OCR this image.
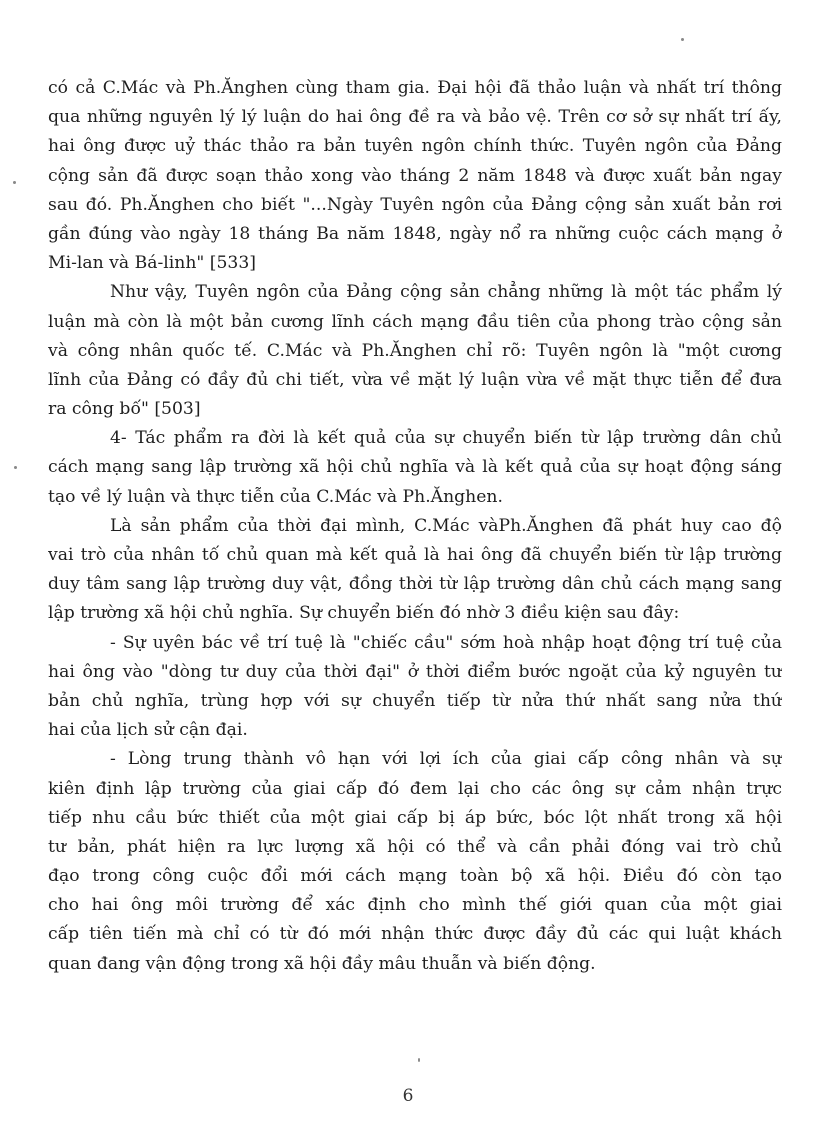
có cả C.Mác và Ph.Ănghen cùng tham gia. Đại hội đã thảo luận và nhất trí thông
qua những nguyên lý lý luận do hai ông đề ra và bảo vệ. Trên cơ sở sự nhất trí ấy,
hai ông được uỷ thác thảo ra bản tuyên ngôn chính thức. Tuyên ngôn của Đảng
cộng sản đã được soạn thảo xong vào tháng 2 năm 1848 và được xuất bản ngay
sau đó. Ph.Ănghen cho biết "...Ngày Tuyên ngôn của Đảng cộng sản xuất bản rơi
gần đúng vào ngày 18 tháng Ba năm 1848, ngày nổ ra những cuộc cách mạng ở
Mi-lan và Bá-linh" [533]
Như vậy, Tuyên ngôn của Đảng cộng sản chẳng những là một tác phẩm lý
luận mà còn là một bản cương lĩnh cách mạng đầu tiên của phong trào cộng sản
và công nhân quốc tế. C.Mác và Ph.Ănghen chỉ rõ: Tuyên ngôn là "một cương
lĩnh của Đảng có đầy đủ chi tiết, vừa về mặt lý luận vừa về mặt thực tiễn để đưa
ra công bố" [503]
4- Tác phẩm ra đời là kết quả của sự chuyển biến từ lập trường dân chủ
cách mạng sang lập trường xã hội chủ nghĩa và là kết quả của sự hoạt động sáng
tạo về lý luận và thực tiễn của C.Mác và Ph.Ănghen.
Là sản phẩm của thời đại mình, C.Mác vàPh.Ănghen đã phát huy cao độ
vai trò của nhân tố chủ quan mà kết quả là hai ông đã chuyển biến từ lập trường
duy tâm sang lập trường duy vật, đồng thời từ lập trường dân chủ cách mạng sang
lập trường xã hội chủ nghĩa. Sự chuyển biến đó nhờ 3 điều kiện sau đây:
- Sự uyên bác về trí tuệ là "chiếc cầu" sớm hoà nhập hoạt động trí tuệ của
hai ông vào "dòng tư duy của thời đại" ở thời điểm bước ngoặt của kỷ nguyên tư
bản chủ nghĩa, trùng hợp với sự chuyển tiếp từ nửa thứ nhất sang nửa thứ
hai của lịch sử cận đại.
- Lòng trung thành vô hạn với lợi ích của giai cấp công nhân và sự
kiên định lập trường của giai cấp đó đem lại cho các ông sự cảm nhận trực
tiếp nhu cầu bức thiết của một giai cấp bị áp bức, bóc lột nhất trong xã hội
tư bản, phát hiện ra lực lượng xã hội có thể và cần phải đóng vai trò chủ
đạo trong công cuộc đổi mới cách mạng toàn bộ xã hội. Điều đó còn tạo
cho hai ông môi trường để xác định cho mình thế giới quan của một giai
cấp tiên tiến mà chỉ có từ đó mới nhận thức được đầy đủ các qui luật khách
quan đang vận động trong xã hội đầy mâu thuẫn và biến động.
6
